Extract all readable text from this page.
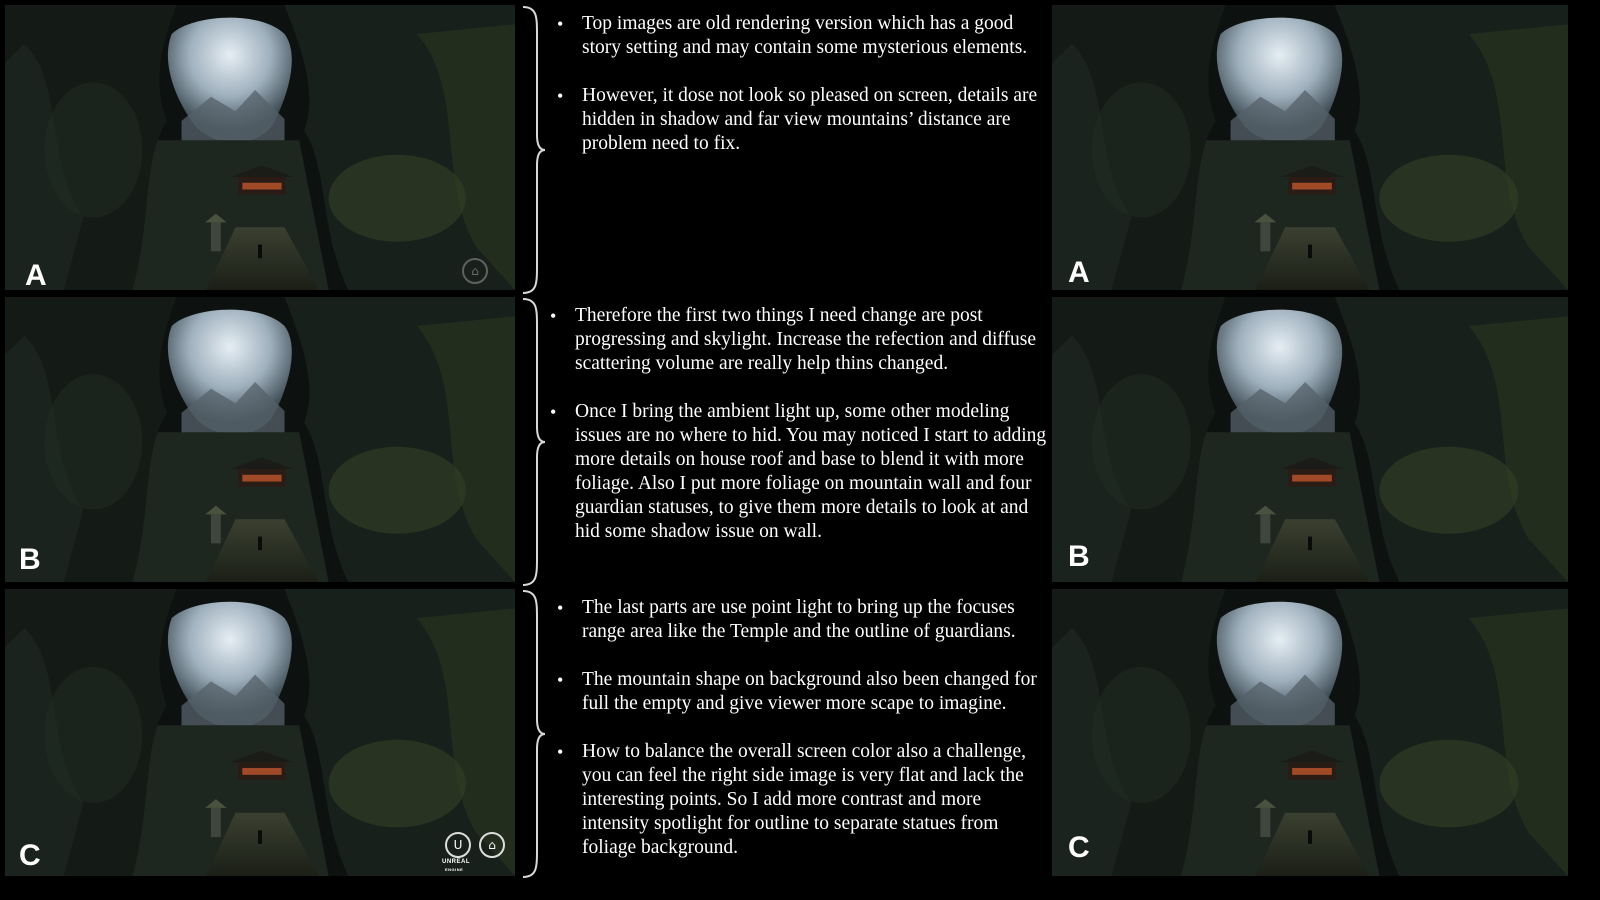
A	⌂
B
C	U
UNREAL
ENGINE
⌂
A
B
C
• Top images are old rendering version which has a good story setting and may contain some mysterious elements.
• However, it dose not look so pleased on screen, details are hidden in shadow and far view mountains’ distance are problem need to fix.
• Therefore the first two things I need change are post progressing and skylight. Increase the refection and diffuse scattering volume are really help thins changed.
• Once I bring the ambient light up, some other modeling issues are no where to hid. You may noticed I start to adding more details on house roof and base to blend it with more foliage. Also I put more foliage on mountain wall and four guardian statuses, to give them more details to look at and hid some shadow issue on wall.
• The last parts are use point light to bring up the focuses range area like the Temple and the outline of guardians.
• The mountain shape on background also been changed for full the empty and give viewer more scape to imagine.
• How to balance the overall screen color also a challenge, you can feel the right side image is very flat and lack the interesting points. So I add more contrast and more intensity spotlight for outline to separate statues from foliage background.
